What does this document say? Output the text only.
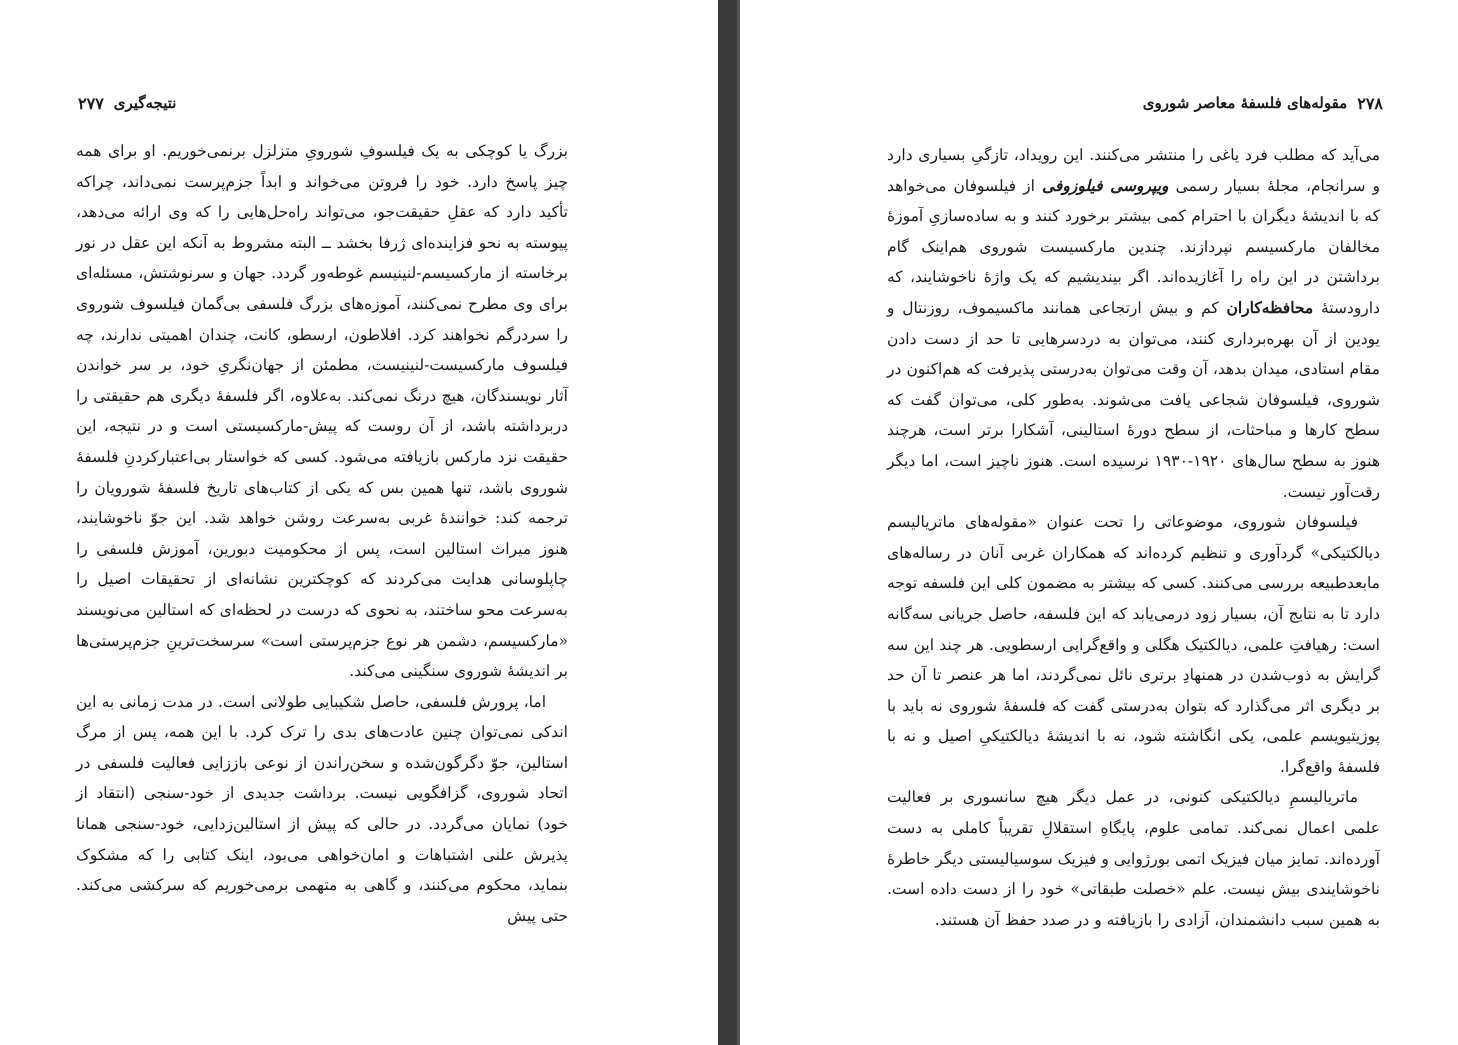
نتیجه‌گیری
۲۷۷

بزرگ یا کوچکی به یک فیلسوفِ شورویِ متزلزل برنمی‌خوریم. او برای همه چیز پاسخ دارد. خود را فروتن می‌خواند و ابداً جزم‌پرست نمی‌داند، چراکه تأکید دارد که عقلِ حقیقت‌جو، می‌تواند راه‌حل‌هایی را که وی ارائه می‌دهد، پیوسته به نحو فزاینده‌ای ژرفا بخشد ــ البته مشروط به آنکه این عقل در نور برخاسته از مارکسیسم-لنینیسم غوطه‌ور گردد. جهان و سرنوشتش، مسئله‌ای برای وی مطرح نمی‌کنند، آموزه‌های بزرگ فلسفی بی‌گمان فیلسوف شوروی را سردرگم نخواهند کرد. افلاطون، ارسطو، کانت، چندان اهمیتی ندارند، چه فیلسوف مارکسیست-لنینیست، مطمئن از جهان‌نگریِ خود، بر سر خواندن آثار نویسندگان، هیچ درنگ نمی‌کند. به‌علاوه، اگر فلسفهٔ دیگری هم حقیقتی را دربرداشته باشد، از آن روست که پیش-مارکسیستی است و در نتیجه، این حقیقت نزد مارکس بازیافته می‌شود. کسی که خواستار بی‌اعتبارکردنِ فلسفهٔ شوروی باشد، تنها همین بس که یکی از کتاب‌های تاریخ فلسفهٔ شورویان را ترجمه کند: خوانندهٔ غربی به‌سرعت روشن خواهد شد. این جوّ ناخوشایند، هنوز میراث استالین است، پس از محکومیت دبورین، آموزش فلسفی را چاپلوسانی هدایت می‌کردند که کوچکترین نشانه‌ای از تحقیقات اصیل را به‌سرعت محو ساختند، به نحوی که درست در لحظه‌ای که استالین می‌نویسند «مارکسیسم، دشمن هر نوع جزم‌پرستی است» سرسخت‌ترینِ جزم‌پرستی‌ها بر اندیشهٔ شوروی سنگینی می‌کند.

اما، پرورش فلسفی، حاصل شکیبایی طولانی است. در مدت زمانی به این اندکی نمی‌توان چنین عادت‌های بدی را ترک کرد. با این همه، پس از مرگ استالین، جوّ دگرگون‌شده و سخن‌راندن از نوعی باززایی فعالیت فلسفی در اتحاد شوروی، گزافگویی نیست. برداشت جدیدی از خود-سنجی (انتقاد از خود) نمایان می‌گردد. در حالی که پیش از استالین‌زدایی، خود-سنجی همانا پذیرش علنی اشتباهات و امان‌خواهی می‌بود، اینک کتابی را که مشکوک بنماید، محکوم می‌کنند، و گاهی به متهمی برمی‌خوریم که سرکشی می‌کند. حتی پیش

۲۷۸
مقوله‌های فلسفهٔ معاصر شوروی

می‌آید که مطلب فرد یاغی را منتشر می‌کنند. این رویداد، تازگیِ بسیاری دارد و سرانجام، مجلهٔ بسیار رسمی ویپروسی فیلوزوفی از فیلسوفان می‌خواهد که با اندیشهٔ دیگران با احترام کمی بیشتر برخورد کنند و به ساده‌سازیِ آموزهٔ مخالفان مارکسیسم نپردازند. چندین مارکسیست شوروی هم‌اینک گام برداشتن در این راه را آغازیده‌اند. اگر بیندیشیم که یک واژهٔ ناخوشایند، که دارودستهٔ محافظه‌کاران کم و بیش ارتجاعی همانند ماکسیموف، روزنتال و یودین از آن بهره‌برداری کنند، می‌توان به دردسرهایی تا حد از دست دادن مقام استادی، میدان بدهد، آن وقت می‌توان به‌درستی پذیرفت که هم‌اکنون در شوروی، فیلسوفان شجاعی یافت می‌شوند. به‌طور کلی، می‌توان گفت که سطح کارها و مباحثات، از سطح دورهٔ استالینی، آشکارا برتر است، هرچند هنوز به سطح سال‌های ۱۹۲۰-۱۹۳۰ نرسیده است. هنوز ناچیز است، اما دیگر رقت‌آور نیست.

فیلسوفان شوروی، موضوعاتی را تحت عنوان «مقوله‌های ماتریالیسم دیالکتیکی» گردآوری و تنظیم کرده‌اند که همکاران غربی آنان در رساله‌های مابعدطبیعه بررسی می‌کنند. کسی که بیشتر به مضمون کلی این فلسفه توجه دارد تا به نتایج آن، بسیار زود درمی‌یابد که این فلسفه، حاصل جریانی سه‌گانه است: رهیافتِ علمی، دیالکتیک هگلی و واقع‌گرایی ارسطویی. هر چند این سه گرایش به ذوب‌شدن در همنهادِ برتری نائل نمی‌گردند، اما هر عنصر تا آن حد بر دیگری اثر می‌گذارد که بتوان به‌درستی گفت که فلسفهٔ شوروی نه باید با پوزیتیویسم علمی، یکی انگاشته شود، نه با اندیشهٔ دیالکتیکیِ اصیل و نه با فلسفهٔ واقع‌گرا.

ماتریالیسمِ دیالکتیکی کنونی، در عمل دیگر هیچ سانسوری بر فعالیت علمی اعمال نمی‌کند. تمامی علوم، پایگاهِ استقلالِ تقریباً کاملی به دست آورده‌اند. تمایز میان فیزیک اتمی بورژوایی و فیزیک سوسیالیستی دیگر خاطرهٔ ناخوشایندی بیش نیست. علم «خصلت طبقاتی» خود را از دست داده است. به همین سبب دانشمندان، آزادی را بازیافته و در صدد حفظ آن هستند.
